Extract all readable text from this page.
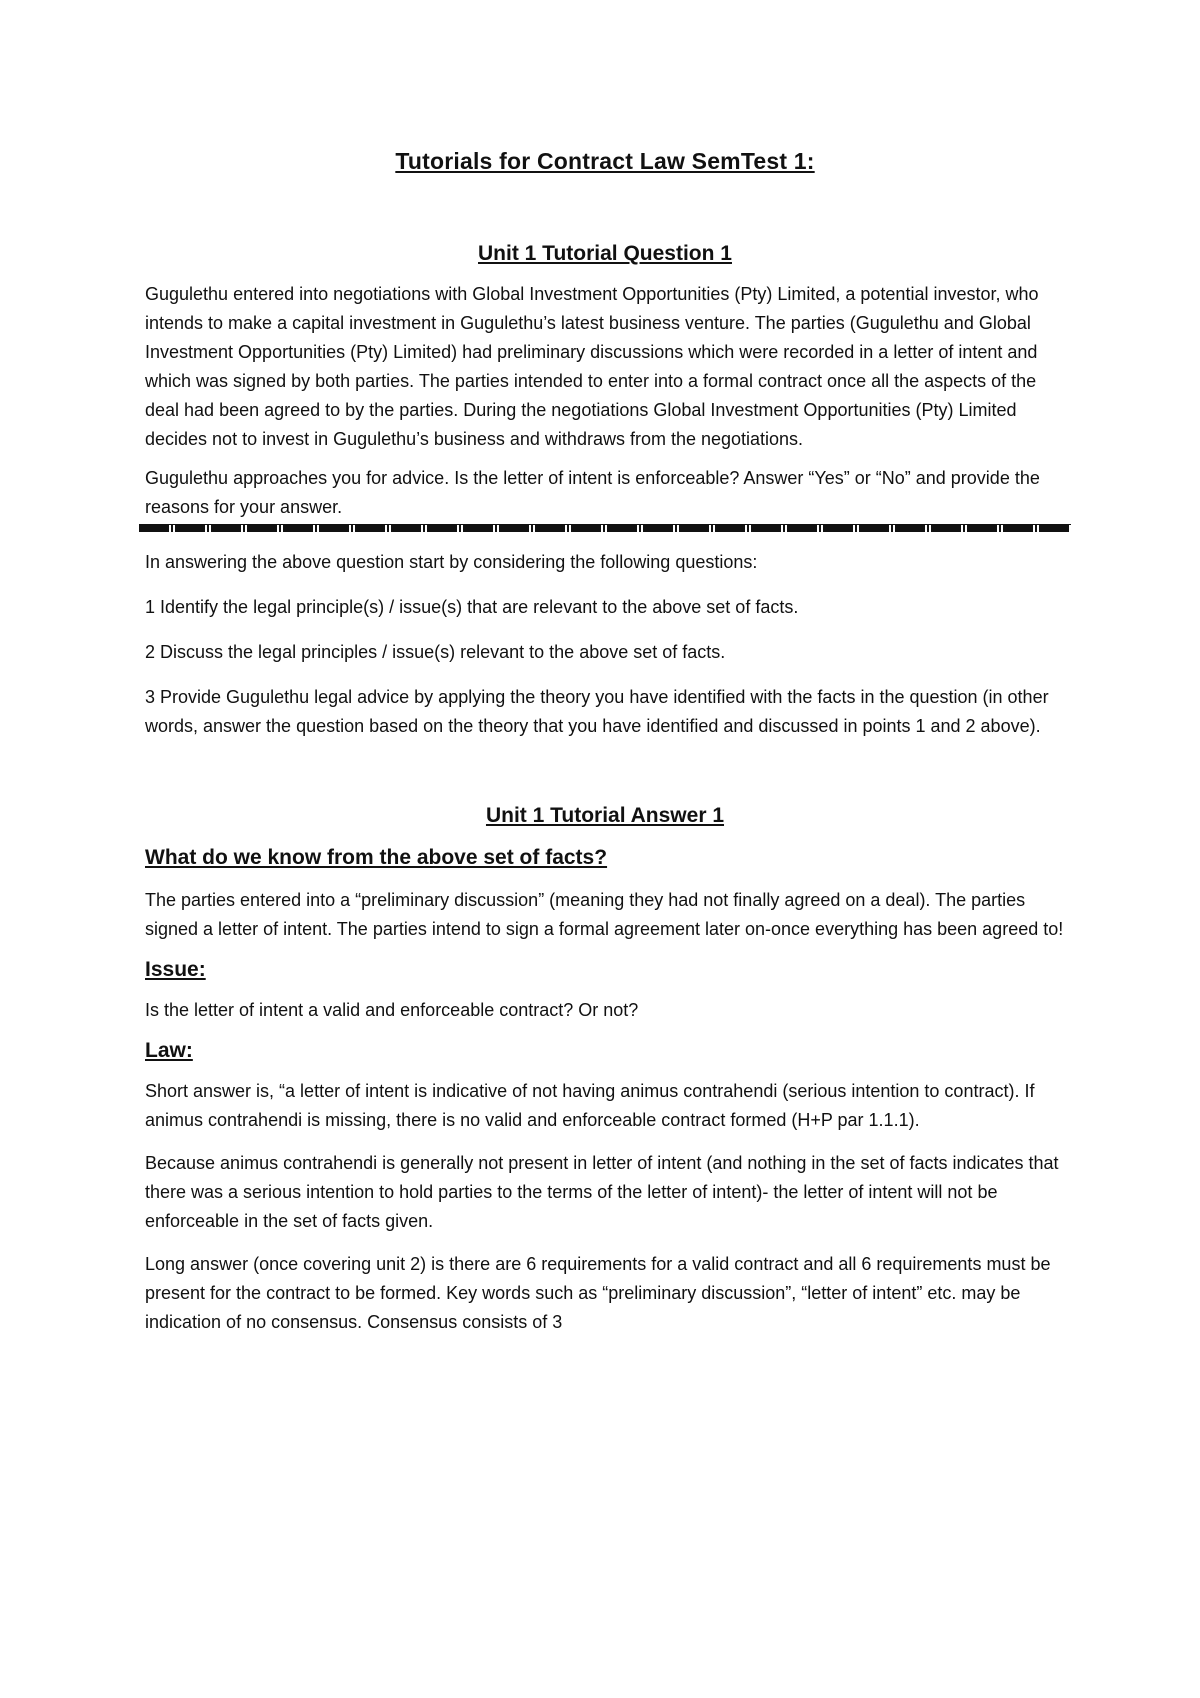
Tutorials for Contract Law SemTest 1:
Unit 1 Tutorial Question 1

Gugulethu entered into negotiations with Global Investment Opportunities (Pty) Limited, a potential investor, who intends to make a capital investment in Gugulethu’s latest business venture. The parties (Gugulethu and Global Investment Opportunities (Pty) Limited) had preliminary discussions which were recorded in a letter of intent and which was signed by both parties. The parties intended to enter into a formal contract once all the aspects of the deal had been agreed to by the parties. During the negotiations Global Investment Opportunities (Pty) Limited decides not to invest in Gugulethu’s business and withdraws from the negotiations.

Gugulethu approaches you for advice. Is the letter of intent is enforceable? Answer “Yes” or “No” and provide the reasons for your answer.

In answering the above question start by considering the following questions:

1 Identify the legal principle(s) / issue(s) that are relevant to the above set of facts.

2 Discuss the legal principles / issue(s) relevant to the above set of facts.

3 Provide Gugulethu legal advice by applying the theory you have identified with the facts in the question (in other words, answer the question based on the theory that you have identified and discussed in points 1 and 2 above).

Unit 1 Tutorial Answer 1
What do we know from the above set of facts?

The parties entered into a “preliminary discussion” (meaning they had not finally agreed on a deal). The parties signed a letter of intent. The parties intend to sign a formal agreement later on-once everything has been agreed to!

Issue:

Is the letter of intent a valid and enforceable contract? Or not?

Law:

Short answer is, “a letter of intent is indicative of not having animus contrahendi (serious intention to contract). If animus contrahendi is missing, there is no valid and enforceable contract formed (H+P par 1.1.1).

Because animus contrahendi is generally not present in letter of intent (and nothing in the set of facts indicates that there was a serious intention to hold parties to the terms of the letter of intent)- the letter of intent will not be enforceable in the set of facts given.

Long answer (once covering unit 2) is there are 6 requirements for a valid contract and all 6 requirements must be present for the contract to be formed. Key words such as “preliminary discussion”, “letter of intent” etc. may be indication of no consensus. Consensus consists of 3
